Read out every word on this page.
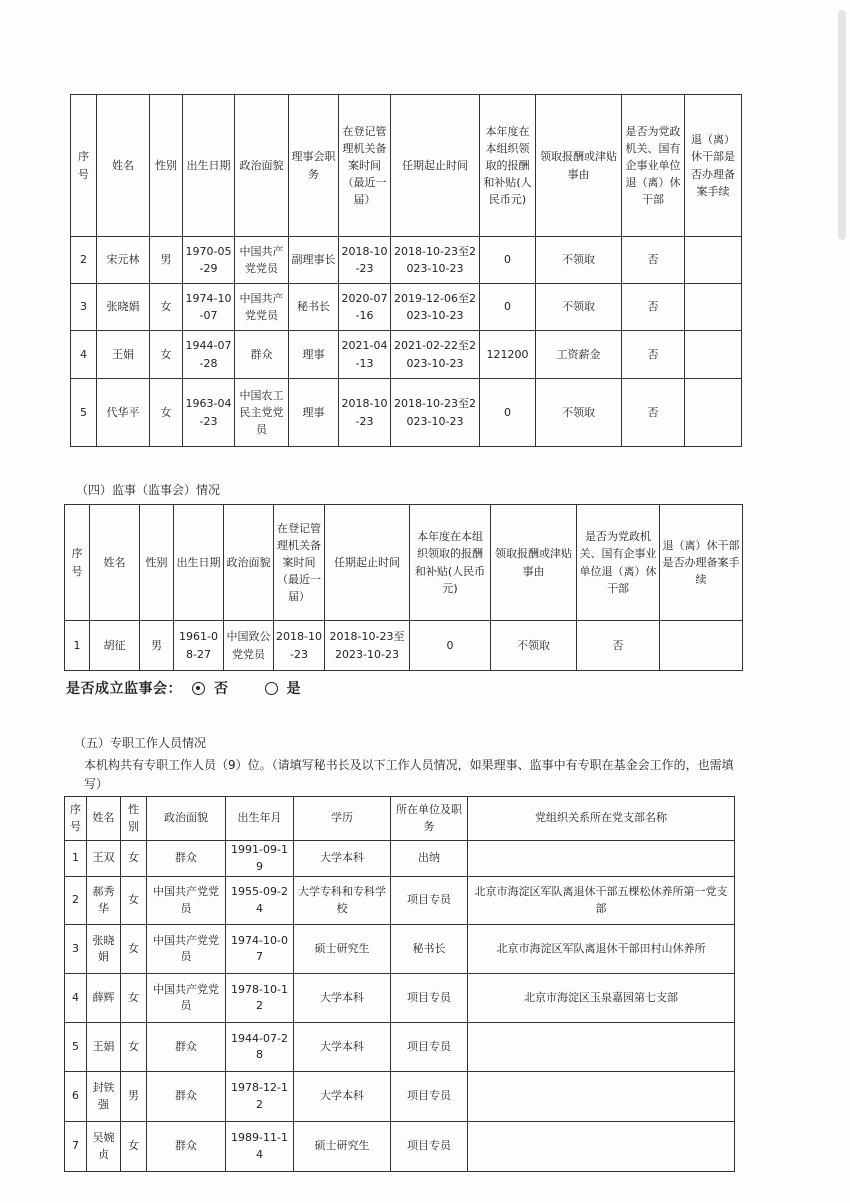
序号	姓名	性别	出生日期	政治面貌	理事会职务	在登记管理机关备案时间（最近一届）	任期起止时间	本年度在本组织领取的报酬和补贴(人民币元)	领取报酬或津贴事由	是否为党政机关、国有企事业单位退（离）休干部	退（离）休干部是否办理备案手续
2	宋元林	男	1970-05-29	中国共产党党员	副理事长	2018-10-23	2018-10-23至2023-10-23	0	不领取	否	
3	张晓娟	女	1974-10-07	中国共产党党员	秘书长	2020-07-16	2019-12-06至2023-10-23	0	不领取	否	
4	王娟	女	1944-07-28	群众	理事	2021-04-13	2021-02-22至2023-10-23	121200	工资薪金	否	
5	代华平	女	1963-04-23	中国农工民主党党员	理事	2018-10-23	2018-10-23至2023-10-23	0	不领取	否	
（四）监事（监事会）情况
序号	姓名	性别	出生日期	政治面貌	在登记管理机关备案时间（最近一届）	任期起止时间	本年度在本组织领取的报酬和补贴(人民币元)	领取报酬或津贴事由	是否为党政机关、国有企事业单位退（离）休干部	退（离）休干部是否办理备案手续
1	胡征	男	1961-08-27	中国致公党党员	2018-10-23	2018-10-23至2023-10-23	0	不领取	否	
是否成立监事会： 否	是
（五）专职工作人员情况
本机构共有专职工作人员（9）位。（请填写秘书长及以下工作人员情况，如果理事、监事中有专职在基金会工作的，也需填写）
序号	姓名	性别	政治面貌	出生年月	学历	所在单位及职务	党组织关系所在党支部名称
1	王双	女	群众	1991-09-19	大学本科	出纳	
2	郝秀华	女	中国共产党党员	1955-09-24	大学专科和专科学校	项目专员	北京市海淀区军队离退休干部五棵松休养所第一党支部
3	张晓娟	女	中国共产党党员	1974-10-07	硕士研究生	秘书长	北京市海淀区军队离退休干部田村山休养所
4	薛辉	女	中国共产党党员	1978-10-12	大学本科	项目专员	北京市海淀区玉泉嘉园第七支部
5	王娟	女	群众	1944-07-28	大学本科	项目专员	
6	封铁强	男	群众	1978-12-12	大学本科	项目专员	
7	吴婉贞	女	群众	1989-11-14	硕士研究生	项目专员	
